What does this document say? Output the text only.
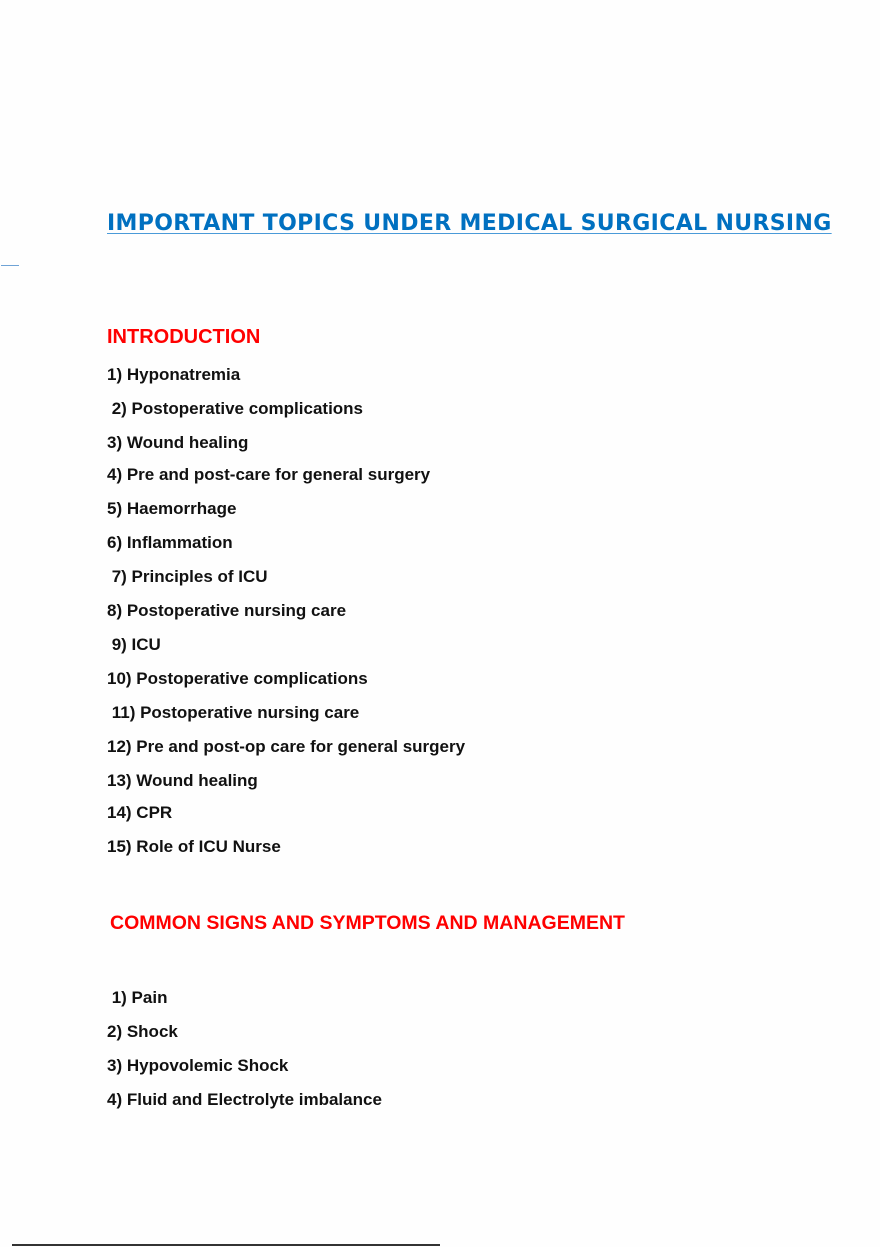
IMPORTANT TOPICS UNDER MEDICAL SURGICAL NURSING
INTRODUCTION
1) Hyponatremia
2) Postoperative complications
3) Wound healing
4) Pre and post-care for general surgery
5) Haemorrhage
6) Inflammation
7) Principles of ICU
8) Postoperative nursing care
9) ICU
10) Postoperative complications
11) Postoperative nursing care
12) Pre and post-op care for general surgery
13) Wound healing
14) CPR
15) Role of ICU Nurse
COMMON SIGNS AND SYMPTOMS AND MANAGEMENT
1) Pain
2) Shock
3) Hypovolemic Shock
4) Fluid and Electrolyte imbalance
